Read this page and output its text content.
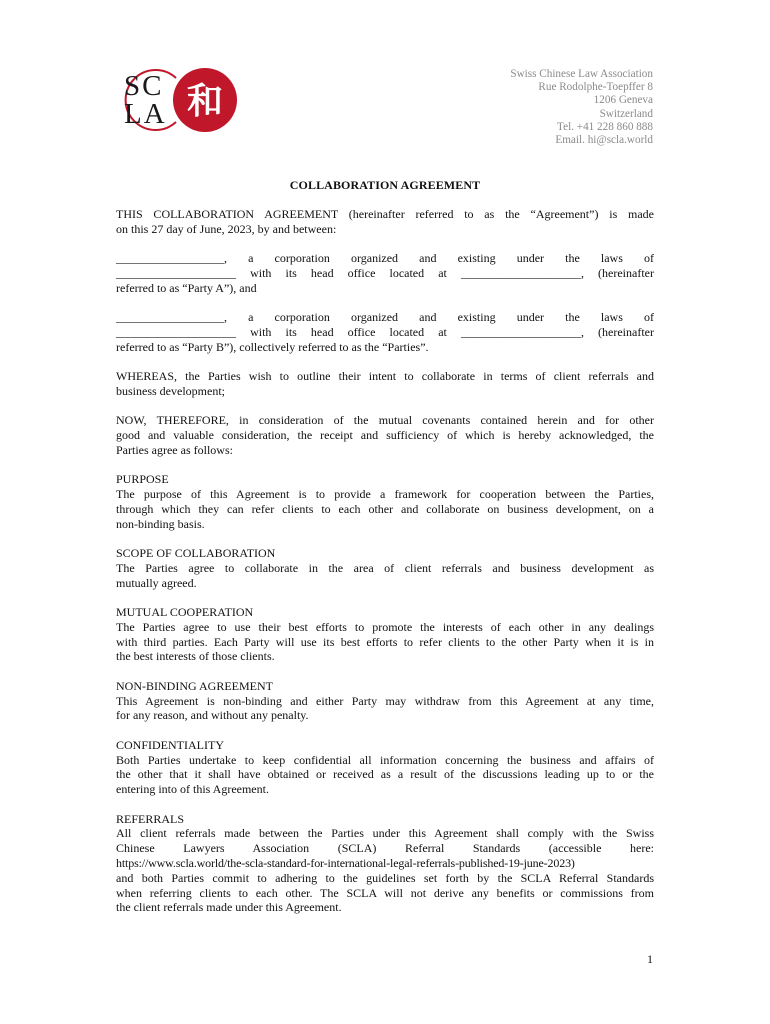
SC
LA 和
Swiss Chinese Law Association
Rue Rodolphe-Toepffer 8
1206 Geneva
Switzerland
Tel. +41 228 860 888
Email. hi@scla.world
COLLABORATION AGREEMENT
THIS COLLABORATION AGREEMENT (hereinafter referred to as the “Agreement”) is made
on this 27 day of June, 2023, by and between:
__________________, a corporation organized and existing under the laws of
____________________ with its head office located at ____________________, (hereinafter
referred to as “Party A”), and
__________________, a corporation organized and existing under the laws of
____________________ with its head office located at ____________________, (hereinafter
referred to as “Party B”), collectively referred to as the “Parties”.
WHEREAS, the Parties wish to outline their intent to collaborate in terms of client referrals and
business development;
NOW, THEREFORE, in consideration of the mutual covenants contained herein and for other
good and valuable consideration, the receipt and sufficiency of which is hereby acknowledged, the
Parties agree as follows:
PURPOSE
The purpose of this Agreement is to provide a framework for cooperation between the Parties,
through which they can refer clients to each other and collaborate on business development, on a
non-binding basis.
SCOPE OF COLLABORATION
The Parties agree to collaborate in the area of client referrals and business development as
mutually agreed.
MUTUAL COOPERATION
The Parties agree to use their best efforts to promote the interests of each other in any dealings
with third parties. Each Party will use its best efforts to refer clients to the other Party when it is in
the best interests of those clients.
NON-BINDING AGREEMENT
This Agreement is non-binding and either Party may withdraw from this Agreement at any time,
for any reason, and without any penalty.
CONFIDENTIALITY
Both Parties undertake to keep confidential all information concerning the business and affairs of
the other that it shall have obtained or received as a result of the discussions leading up to or the
entering into of this Agreement.
REFERRALS
All client referrals made between the Parties under this Agreement shall comply with the Swiss
Chinese Lawyers Association (SCLA) Referral Standards (accessible here:
https://www.scla.world/the-scla-standard-for-international-legal-referrals-published-19-june-2023)
and both Parties commit to adhering to the guidelines set forth by the SCLA Referral Standards
when referring clients to each other. The SCLA will not derive any benefits or commissions from
the client referrals made under this Agreement.
1
